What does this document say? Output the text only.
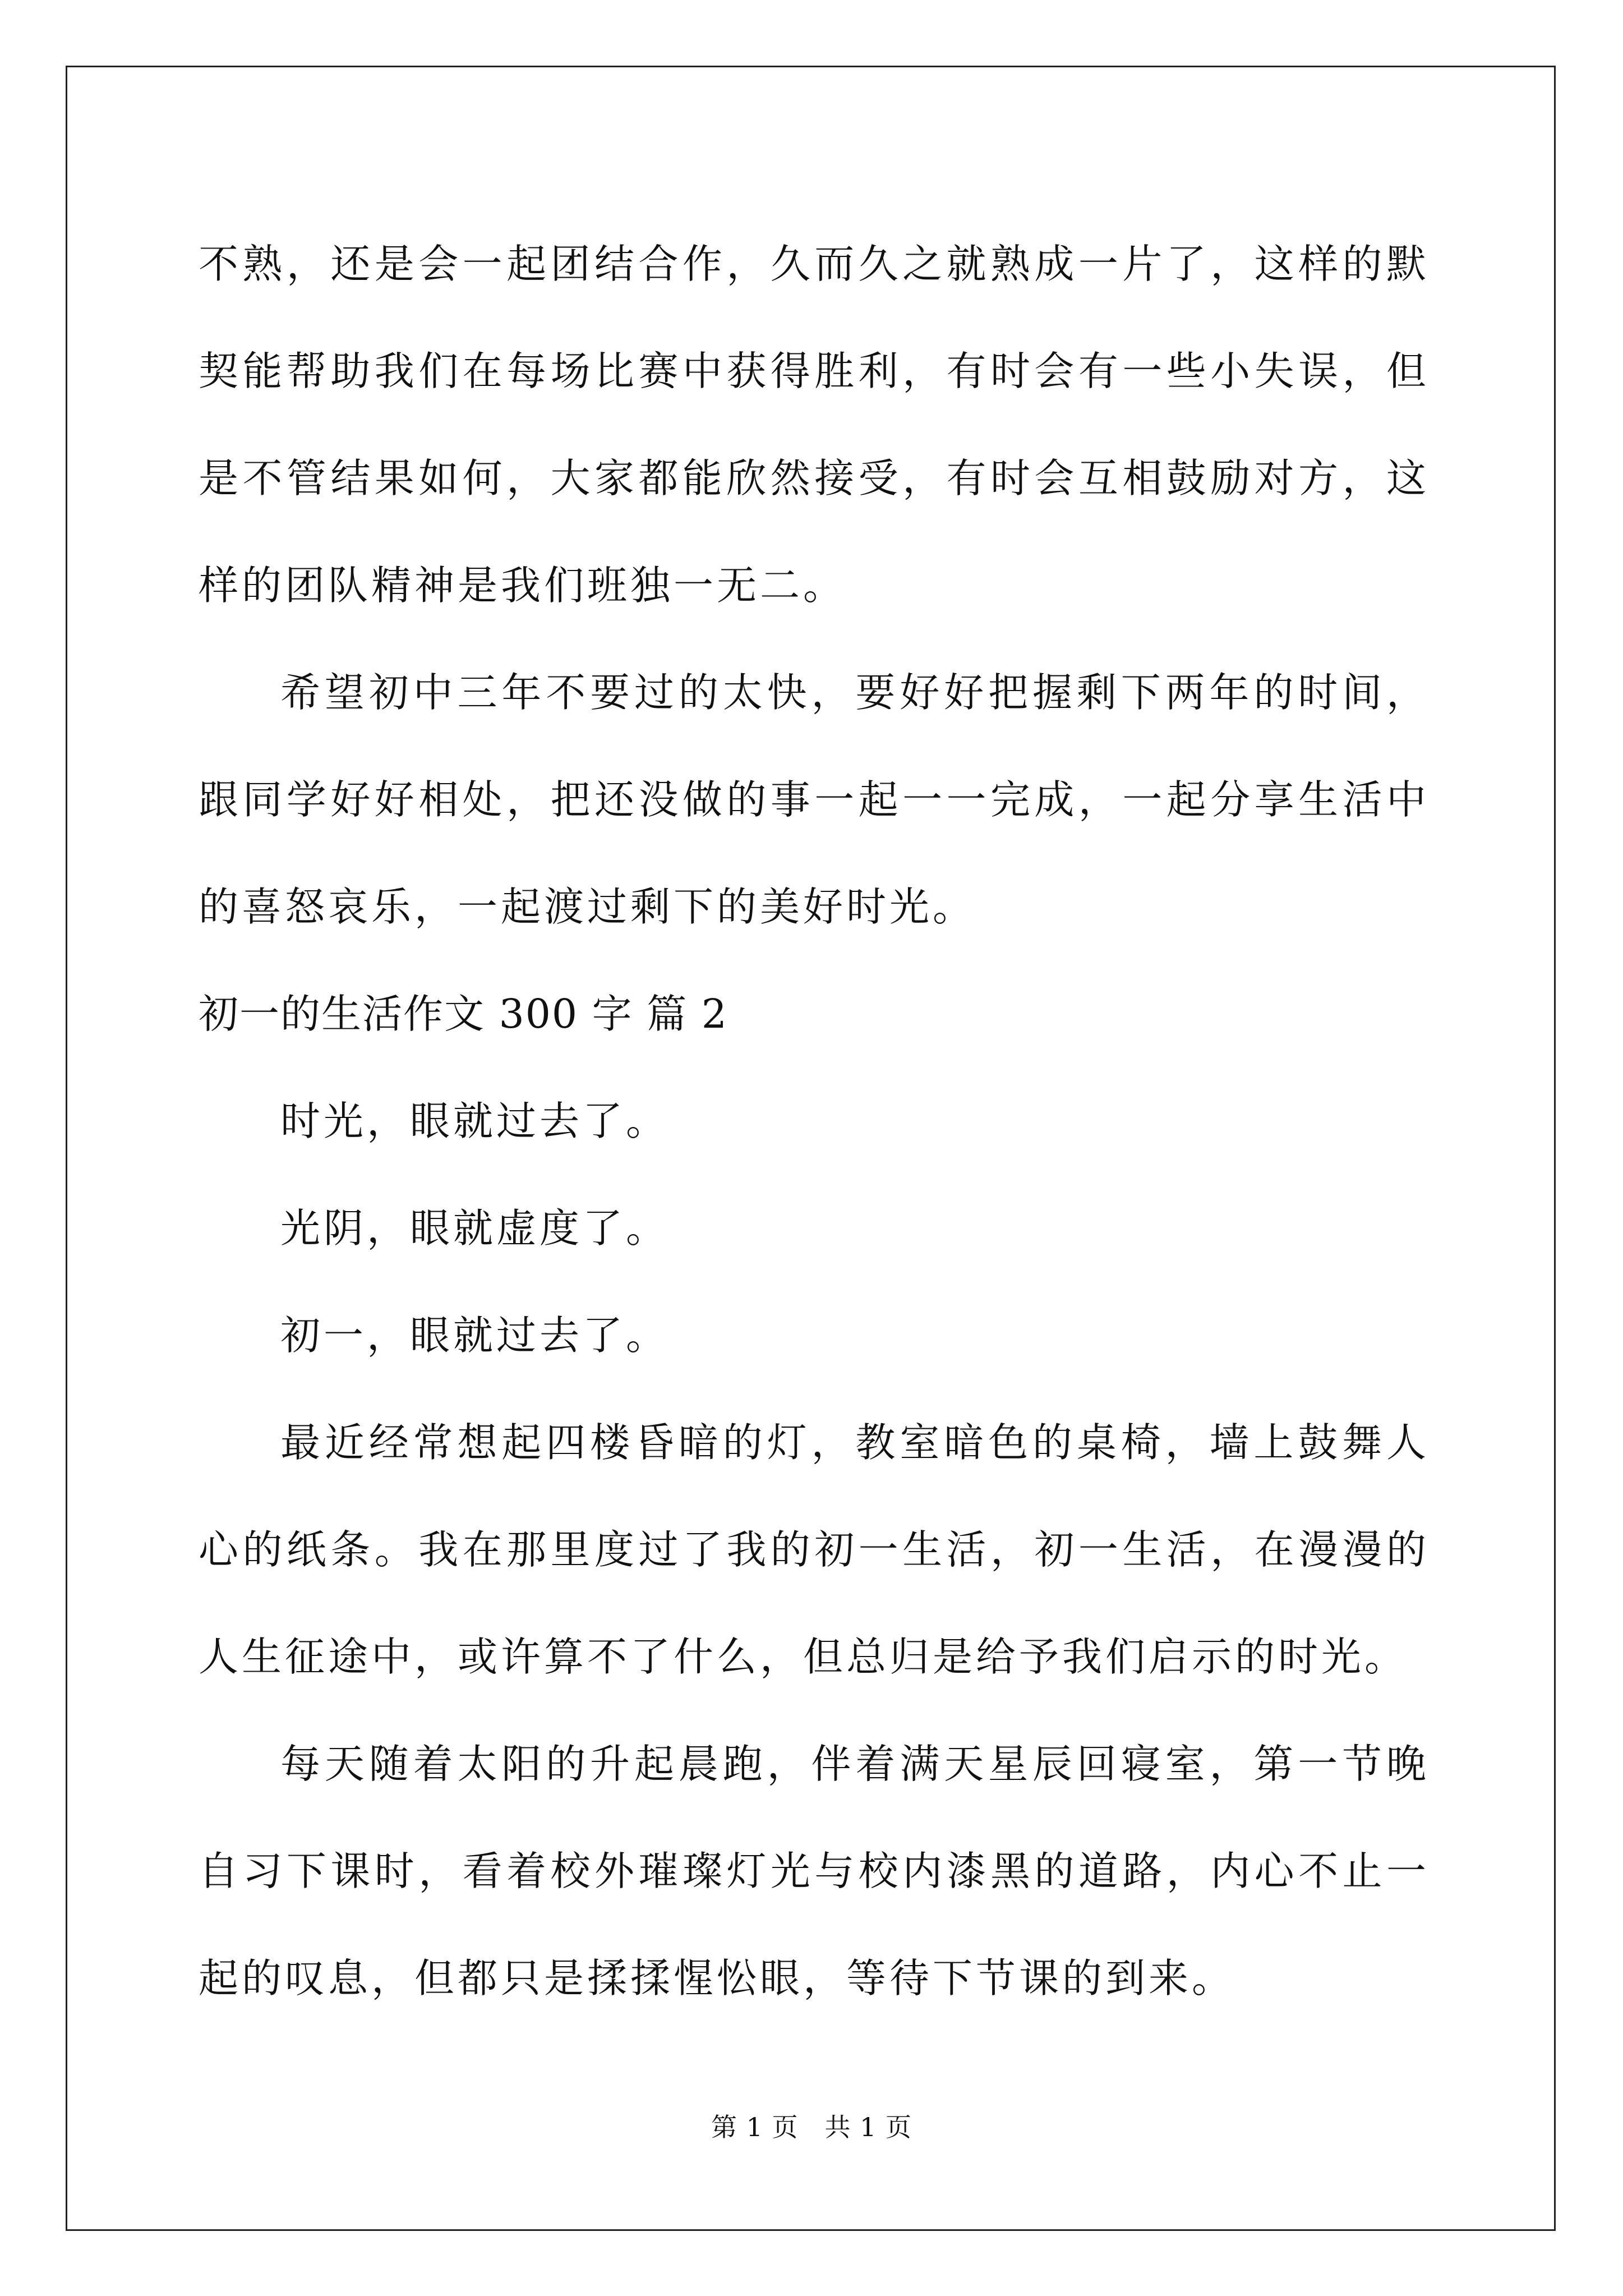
不熟，还是会一起团结合作，久而久之就熟成一片了，这样的默契能帮助我们在每场比赛中获得胜利，有时会有一些小失误，但是不管结果如何，大家都能欣然接受，有时会互相鼓励对方，这样的团队精神是我们班独一无二。

希望初中三年不要过的太快，要好好把握剩下两年的时间，跟同学好好相处，把还没做的事一起一一完成，一起分享生活中的喜怒哀乐，一起渡过剩下的美好时光。

初一的生活作文 300 字 篇 2

时光，眼就过去了。

光阴，眼就虚度了。

初一，眼就过去了。

最近经常想起四楼昏暗的灯，教室暗色的桌椅，墙上鼓舞人心的纸条。我在那里度过了我的初一生活，初一生活，在漫漫的人生征途中，或许算不了什么，但总归是给予我们启示的时光。

每天随着太阳的升起晨跑，伴着满天星辰回寝室，第一节晚自习下课时，看着校外璀璨灯光与校内漆黑的道路，内心不止一起的叹息，但都只是揉揉惺忪眼，等待下节课的到来。

第 1 页　共 1 页
